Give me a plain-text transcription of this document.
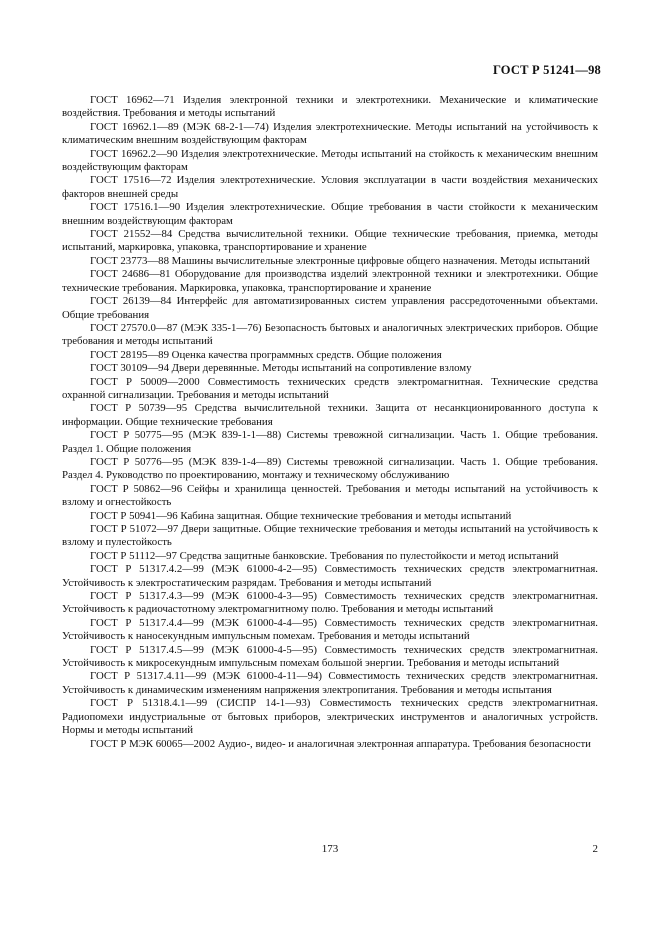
ГОСТ Р 51241—98

ГОСТ 16962—71 Изделия электронной техники и электротехники. Механические и климатические воздействия. Требования и методы испытаний

ГОСТ 16962.1—89 (МЭК 68-2-1—74) Изделия электротехнические. Методы испытаний на устойчивость к климатическим внешним воздействующим факторам

ГОСТ 16962.2—90 Изделия электротехнические. Методы испытаний на стойкость к механическим внешним воздействующим факторам

ГОСТ 17516—72 Изделия электротехнические. Условия эксплуатации в части воздействия механических факторов внешней среды

ГОСТ 17516.1—90 Изделия электротехнические. Общие требования в части стойкости к механическим внешним воздействующим факторам

ГОСТ 21552—84 Средства вычислительной техники. Общие технические требования, приемка, методы испытаний, маркировка, упаковка, транспортирование и хранение

ГОСТ 23773—88 Машины вычислительные электронные цифровые общего назначения. Методы испытаний

ГОСТ 24686—81 Оборудование для производства изделий электронной техники и электротехники. Общие технические требования. Маркировка, упаковка, транспортирование и хранение

ГОСТ 26139—84 Интерфейс для автоматизированных систем управления рассредоточенными объектами. Общие требования

ГОСТ 27570.0—87 (МЭК 335-1—76) Безопасность бытовых и аналогичных электрических приборов. Общие требования и методы испытаний

ГОСТ 28195—89 Оценка качества программных средств. Общие положения

ГОСТ 30109—94 Двери деревянные. Методы испытаний на сопротивление взлому

ГОСТ Р 50009—2000 Совместимость технических средств электромагнитная. Технические средства охранной сигнализации. Требования и методы испытаний

ГОСТ Р 50739—95 Средства вычислительной техники. Защита от несанкционированного доступа к информации. Общие технические требования

ГОСТ Р 50775—95 (МЭК 839-1-1—88) Системы тревожной сигнализации. Часть 1. Общие требования. Раздел 1. Общие положения

ГОСТ Р 50776—95 (МЭК 839-1-4—89) Системы тревожной сигнализации. Часть 1. Общие требования. Раздел 4. Руководство по проектированию, монтажу и техническому обслуживанию

ГОСТ Р 50862—96 Сейфы и хранилища ценностей. Требования и методы испытаний на устойчивость к взлому и огнестойкость

ГОСТ Р 50941—96 Кабина защитная. Общие технические требования и методы испытаний

ГОСТ Р 51072—97 Двери защитные. Общие технические требования и методы испытаний на устойчивость к взлому и пулестойкость

ГОСТ Р 51112—97 Средства защитные банковские. Требования по пулестойкости и метод испытаний

ГОСТ Р 51317.4.2—99 (МЭК 61000-4-2—95) Совместимость технических средств электромагнитная. Устойчивость к электростатическим разрядам. Требования и методы испытаний

ГОСТ Р 51317.4.3—99 (МЭК 61000-4-3—95) Совместимость технических средств электромагнитная. Устойчивость к радиочастотному электромагнитному полю. Требования и методы испытаний

ГОСТ Р 51317.4.4—99 (МЭК 61000-4-4—95) Совместимость технических средств электромагнитная. Устойчивость к наносекундным импульсным помехам. Требования и методы испытаний

ГОСТ Р 51317.4.5—99 (МЭК 61000-4-5—95) Совместимость технических средств электромагнитная. Устойчивость к микросекундным импульсным помехам большой энергии. Требования и методы испытаний

ГОСТ Р 51317.4.11—99 (МЭК 61000-4-11—94) Совместимость технических средств электромагнитная. Устойчивость к динамическим изменениям напряжения электропитания. Требования и методы испытания

ГОСТ Р 51318.4.1—99 (СИСПР 14-1—93) Совместимость технических средств электромагнитная. Радиопомехи индустриальные от бытовых приборов, электрических инструментов и аналогичных устройств. Нормы и методы испытаний

ГОСТ Р МЭК 60065—2002 Аудио-, видео- и аналогичная электронная аппаратура. Требования безопасности

173	2
